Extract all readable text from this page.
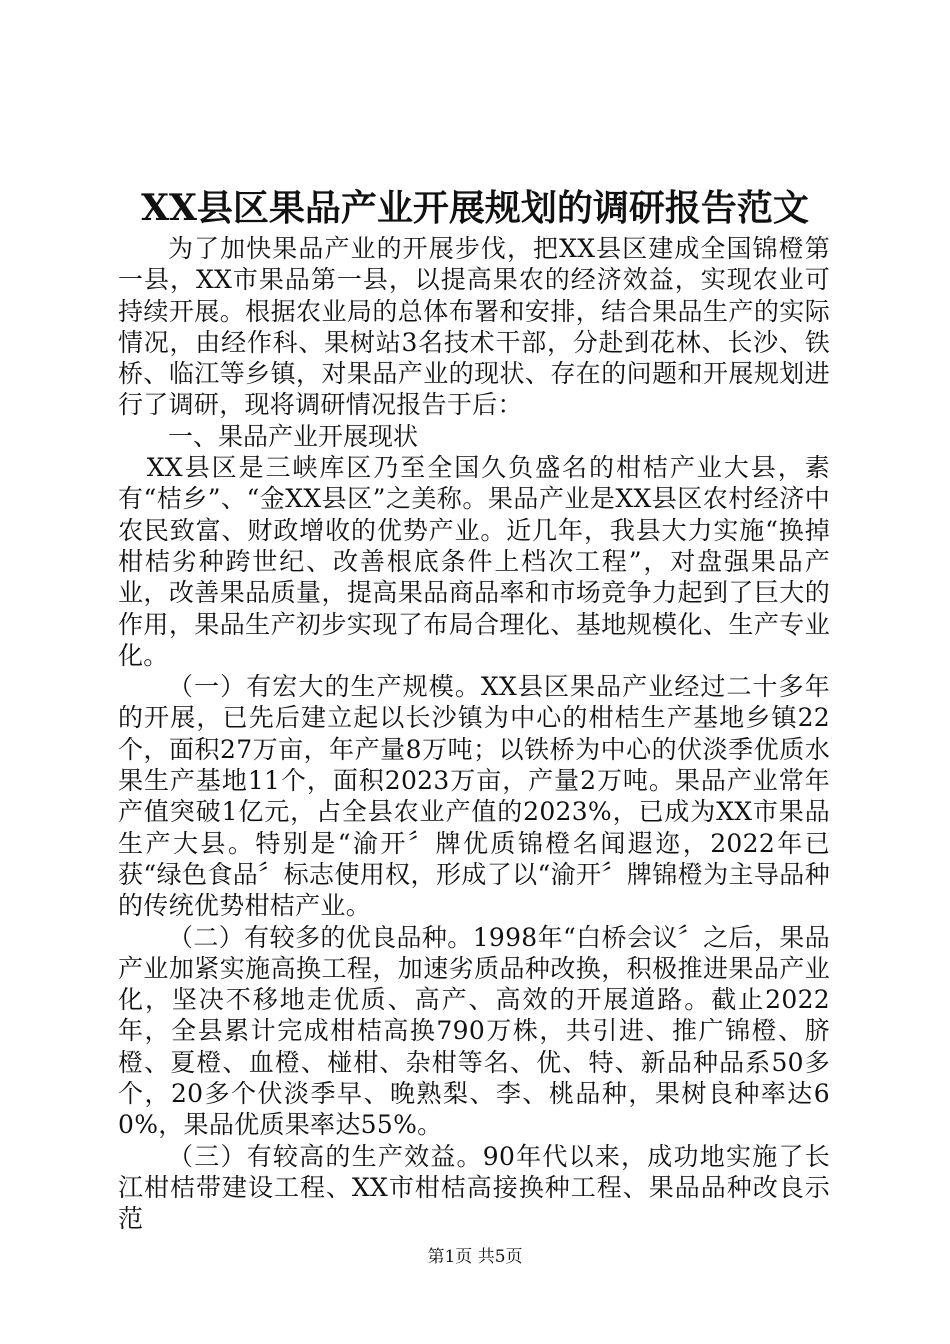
XX县区果品产业开展规划的调研报告范文

为了加快果品产业的开展步伐，把XX县区建成全国锦橙第一县，XX市果品第一县，以提高果农的经济效益，实现农业可持续开展。根据农业局的总体布署和安排，结合果品生产的实际情况，由经作科、果树站3名技术干部，分赴到花林、长沙、铁桥、临江等乡镇，对果品产业的现状、存在的问题和开展规划进行了调研，现将调研情况报告于后：

一、果品产业开展现状

XX县区是三峡库区乃至全国久负盛名的柑桔产业大县，素有“桔乡”、“金XX县区”之美称。果品产业是XX县区农村经济中农民致富、财政增收的优势产业。近几年，我县大力实施“换掉柑桔劣种跨世纪、改善根底条件上档次工程”，对盘强果品产业，改善果品质量，提高果品商品率和市场竞争力起到了巨大的作用，果品生产初步实现了布局合理化、基地规模化、生产专业化。

（一）有宏大的生产规模。XX县区果品产业经过二十多年的开展，已先后建立起以长沙镇为中心的柑桔生产基地乡镇22个，面积27万亩，年产量8万吨；以铁桥为中心的伏淡季优质水果生产基地11个，面积2023万亩，产量2万吨。果品产业常年产值突破1亿元，占全县农业产值的2023%，已成为XX市果品生产大县。特别是“渝开〞牌优质锦橙名闻遐迩，2022年已获“绿色食品〞标志使用权，形成了以“渝开〞牌锦橙为主导品种的传统优势柑桔产业。

（二）有较多的优良品种。1998年“白桥会议〞之后，果品产业加紧实施高换工程，加速劣质品种改换，积极推进果品产业化，坚决不移地走优质、高产、高效的开展道路。截止2022年，全县累计完成柑桔高换790万株，共引进、推广锦橙、脐橙、夏橙、血橙、椪柑、杂柑等名、优、特、新品种品系50多个，20多个伏淡季早、晚熟梨、李、桃品种，果树良种率达60%，果品优质果率达55%。

（三）有较高的生产效益。90年代以来，成功地实施了长江柑桔带建设工程、XX市柑桔高接换种工程、果品品种改良示范

第1页 共5页
